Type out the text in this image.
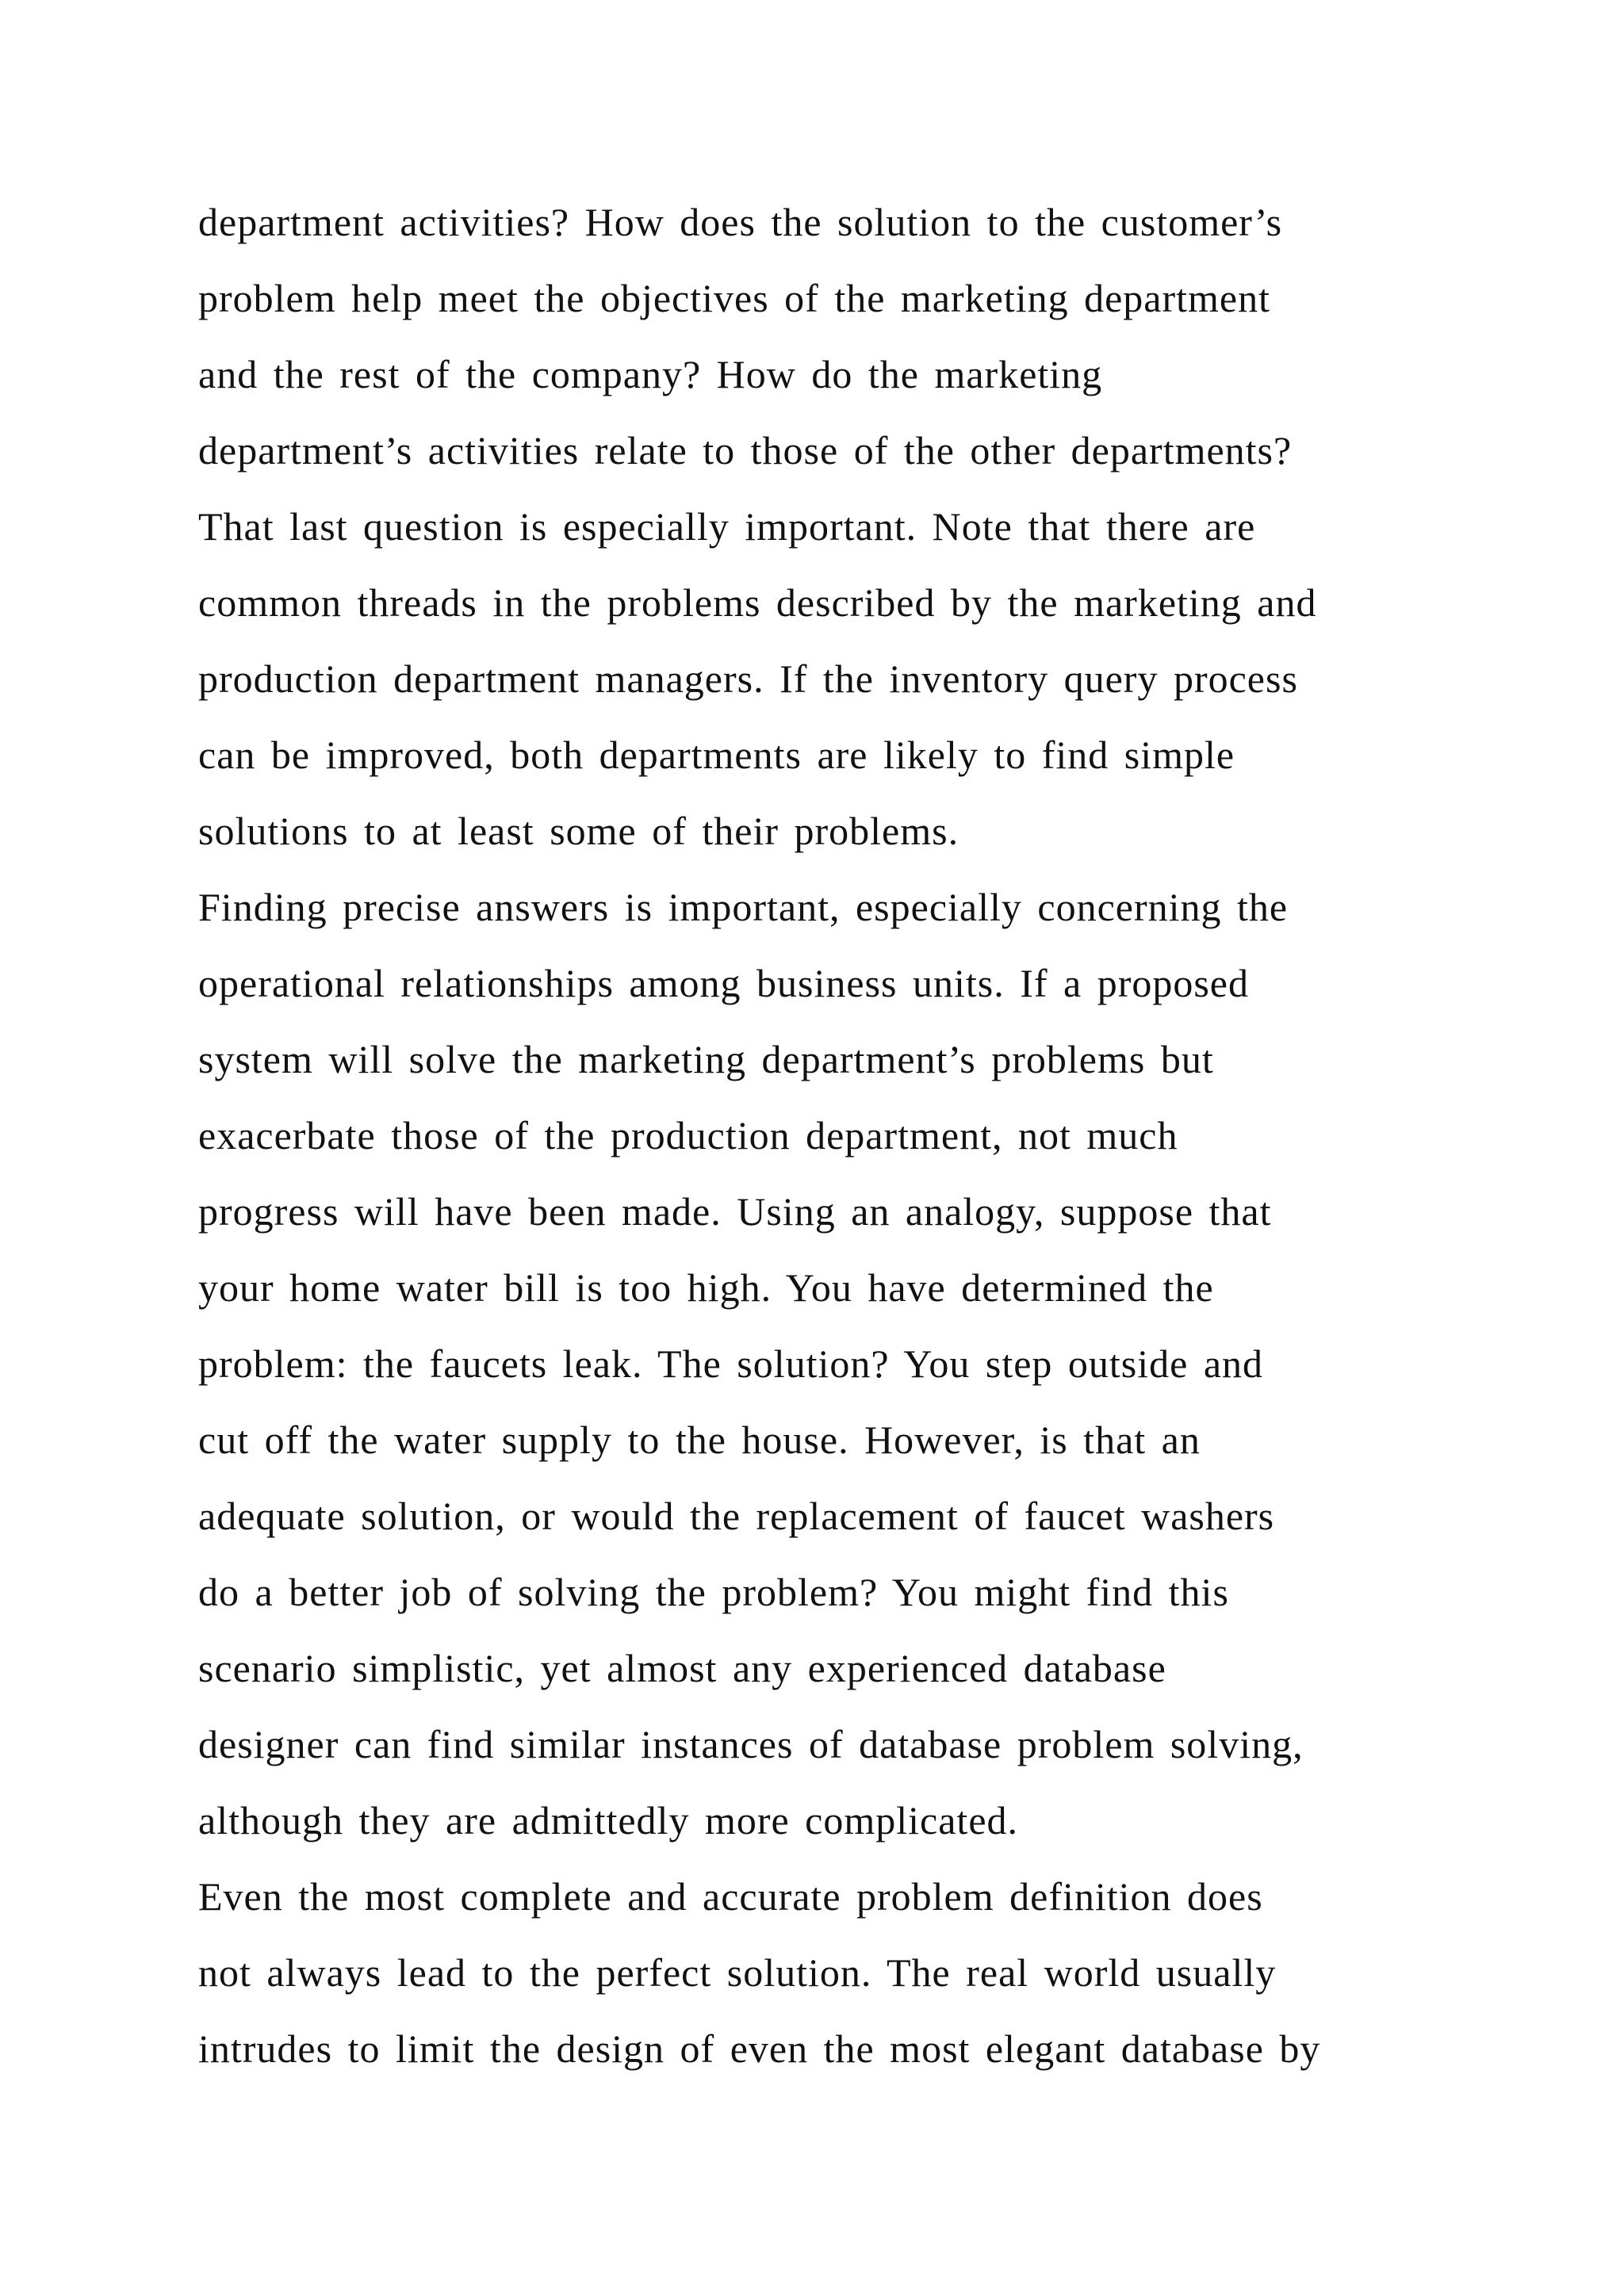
department activities? How does the solution to the customer’s
problem help meet the objectives of the marketing department
and the rest of the company? How do the marketing
department’s activities relate to those of the other departments?
That last question is especially important. Note that there are
common threads in the problems described by the marketing and
production department managers. If the inventory query process
can be improved, both departments are likely to find simple
solutions to at least some of their problems.
Finding precise answers is important, especially concerning the
operational relationships among business units. If a proposed
system will solve the marketing department’s problems but
exacerbate those of the production department, not much
progress will have been made. Using an analogy, suppose that
your home water bill is too high. You have determined the
problem: the faucets leak. The solution? You step outside and
cut off the water supply to the house. However, is that an
adequate solution, or would the replacement of faucet washers
do a better job of solving the problem? You might find this
scenario simplistic, yet almost any experienced database
designer can find similar instances of database problem solving,
although they are admittedly more complicated.
Even the most complete and accurate problem definition does
not always lead to the perfect solution. The real world usually
intrudes to limit the design of even the most elegant database by
